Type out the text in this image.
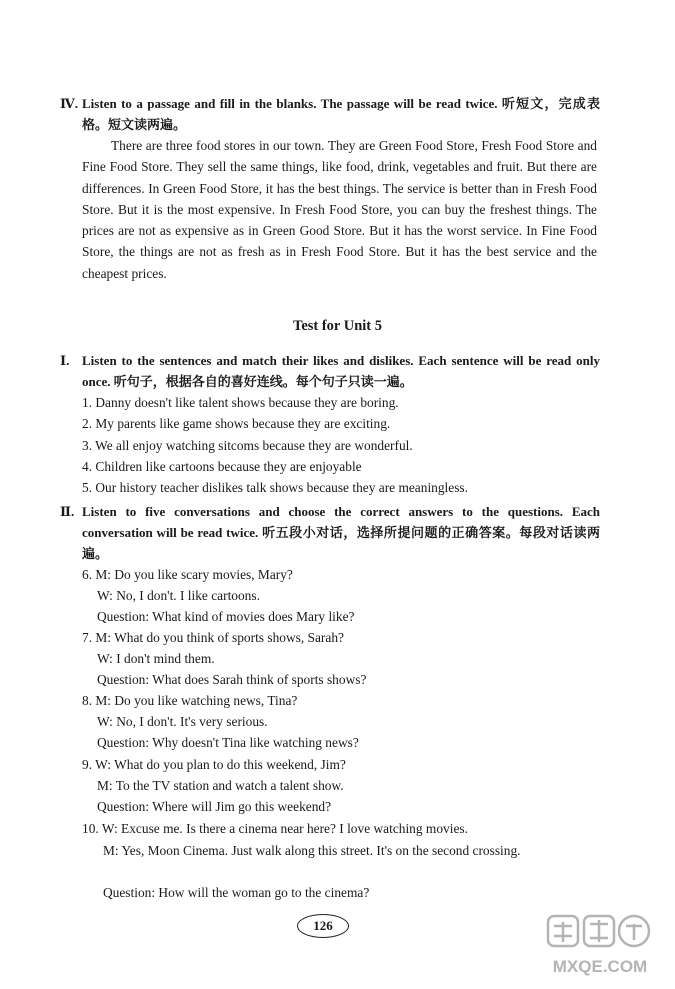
Ⅳ. Listen to a passage and fill in the blanks. The passage will be read twice. 听短文，完成表格。短文读两遍。
There are three food stores in our town. They are Green Food Store, Fresh Food Store and Fine Food Store. They sell the same things, like food, drink, vegetables and fruit. But there are differences. In Green Food Store, it has the best things. The service is better than in Fresh Food Store. But it is the most expensive. In Fresh Food Store, you can buy the freshest things. The prices are not as expensive as in Green Good Store. But it has the worst service. In Fine Food Store, the things are not as fresh as in Fresh Food Store. But it has the best service and the cheapest prices.
Test for Unit 5
Ⅰ. Listen to the sentences and match their likes and dislikes. Each sentence will be read only once. 听句子，根据各自的喜好连线。每个句子只读一遍。
1. Danny doesn't like talent shows because they are boring.
2. My parents like game shows because they are exciting.
3. We all enjoy watching sitcoms because they are wonderful.
4. Children like cartoons because they are enjoyable
5. Our history teacher dislikes talk shows because they are meaningless.
Ⅱ. Listen to five conversations and choose the correct answers to the questions. Each conversation will be read twice. 听五段小对话，选择所提问题的正确答案。每段对话读两遍。
6. M: Do you like scary movies, Mary?
W: No, I don't. I like cartoons.
Question: What kind of movies does Mary like?
7. M: What do you think of sports shows, Sarah?
W: I don't mind them.
Question: What does Sarah think of sports shows?
8. M: Do you like watching news, Tina?
W: No, I don't. It's very serious.
Question: Why doesn't Tina like watching news?
9. W: What do you plan to do this weekend, Jim?
M: To the TV station and watch a talent show.
Question: Where will Jim go this weekend?
10. W: Excuse me. Is there a cinema near here? I love watching movies.
M: Yes, Moon Cinema. Just walk along this street. It's on the second crossing.
Question: How will the woman go to the cinema?
126
MXQE.COM
